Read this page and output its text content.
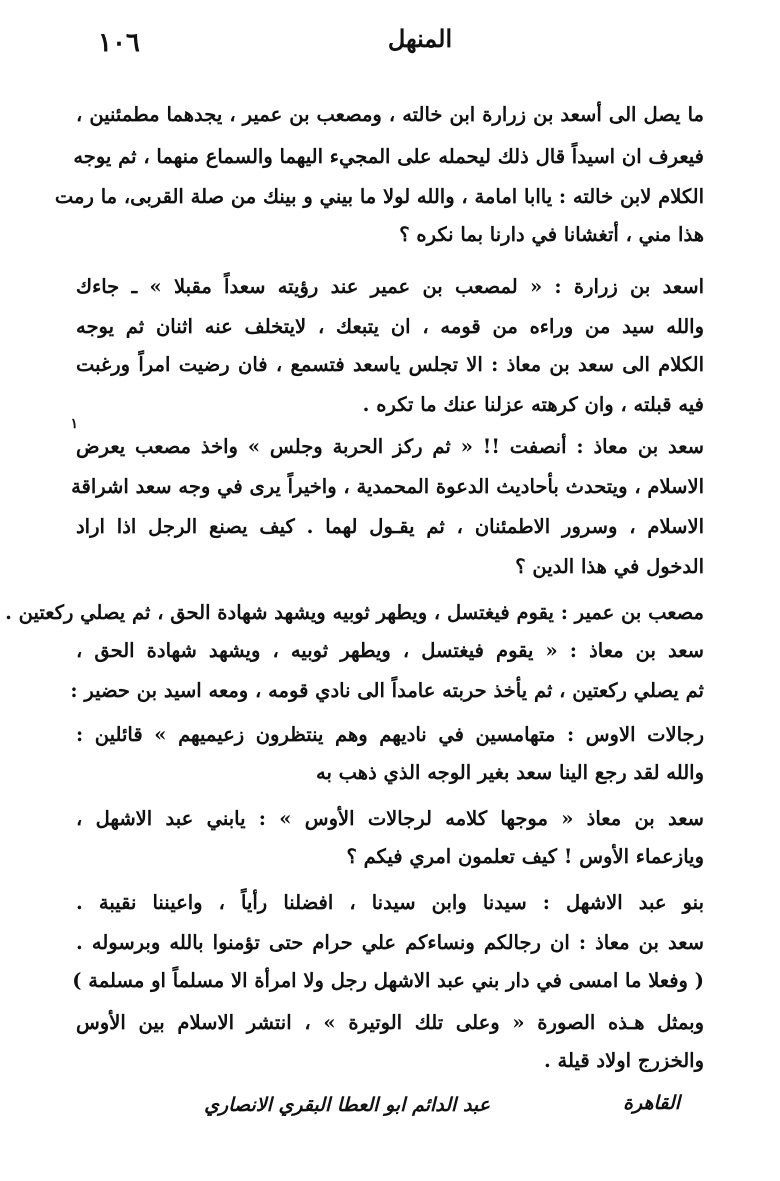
١٠٦	المنهل
ما يصل الى أسعد بن زرارة ابن خالته ، ومصعب بن عمير ، يجدهما مطمئنين ،
فيعرف ان اسيداً قال ذلك ليحمله على المجيء اليهما والسماع منهما ، ثم يوجه
الكلام لابن خالته : ياابا امامة ، والله لولا ما بيني و بينك من صلة القربى، ما رمت
هذا مني ، أتغشانا في دارنا بما نكره ؟
اسعد بن زرارة : « لمصعب بن عمير عند رؤيته سعداً مقبلا » ـ جاءك
والله سيد من وراءه من قومه ، ان يتبعك ، لايتخلف عنه اثنان ثم يوجه
الكلام الى سعد بن معاذ : الا تجلس ياسعد فتسمع ، فان رضيت امراً ورغبت
فيه قبلته ، وان كرهته عزلنا عنك ما تكره .
١
سعد بن معاذ : أنصفت !! « ثم ركز الحربة وجلس » واخذ مصعب يعرض
الاسلام ، ويتحدث بأحاديث الدعوة المحمدية ، واخيراً يرى في وجه سعد اشراقة
الاسلام ، وسرور الاطمئنان ، ثم يقـول لهما . كيف يصنع الرجل اذا اراد
الدخول في هذا الدين ؟
مصعب بن عمير : يقوم فيغتسل ، ويطهر ثوبيه ويشهد شهادة الحق ، ثم يصلي ركعتين .
سعد بن معاذ : « يقوم فيغتسل ، ويطهر ثوبيه ، ويشهد شهادة الحق ،
ثم يصلي ركعتين ، ثم يأخذ حربته عامداً الى نادي قومه ، ومعه اسيد بن حضير :
رجالات الاوس : متهامسين في ناديهم وهم ينتظرون زعيميهم » قائلين :
والله لقد رجع الينا سعد بغير الوجه الذي ذهب به
سعد بن معاذ « موجها كلامه لرجالات الأوس » : يابني عبد الاشهل ،
ويازعماء الأوس ! كيف تعلمون امري فيكم ؟
بنو عبد الاشهل : سيدنا وابن سيدنا ، افضلنا رأياً ، واعيننا نقيبة .
سعد بن معاذ : ان رجالكم ونساءكم علي حرام حتى تؤمنوا بالله وبرسوله .
( وفعلا ما امسى في دار بني عبد الاشهل رجل ولا امرأة الا مسلماً او مسلمة )
وبمثل هـذه الصورة « وعلى تلك الوتيرة » ، انتشر الاسلام بين الأوس
والخزرج اولاد قيلة .
القاهرة
عبد الدائم ابو العطا البقري الانصاري
